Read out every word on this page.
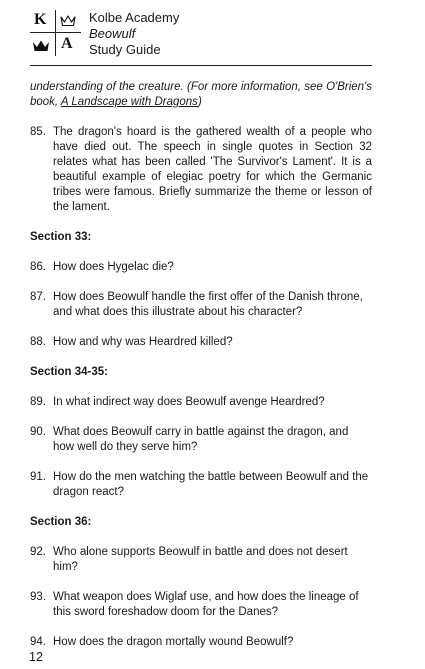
K
A
Kolbe Academy
Beowulf
Study Guide

understanding of the creature. (For more information, see O'Brien's book, A Landscape with Dragons)

85. The dragon's hoard is the gathered wealth of a people who have died out. The speech in single quotes in Section 32 relates what has been called 'The Survivor's Lament'. It is a beautiful example of elegiac poetry for which the Germanic tribes were famous. Briefly summarize the theme or lesson of the lament.
Section 33:
86. How does Hygelac die?
87. How does Beowulf handle the first offer of the Danish throne, and what does this illustrate about his character?
88. How and why was Heardred killed?
Section 34-35:
89. In what indirect way does Beowulf avenge Heardred?
90. What does Beowulf carry in battle against the dragon, and how well do they serve him?
91. How do the men watching the battle between Beowulf and the dragon react?
Section 36:
92. Who alone supports Beowulf in battle and does not desert him?
93. What weapon does Wiglaf use, and how does the lineage of this sword foreshadow doom for the Danes?
94. How does the dragon mortally wound Beowulf?
12
